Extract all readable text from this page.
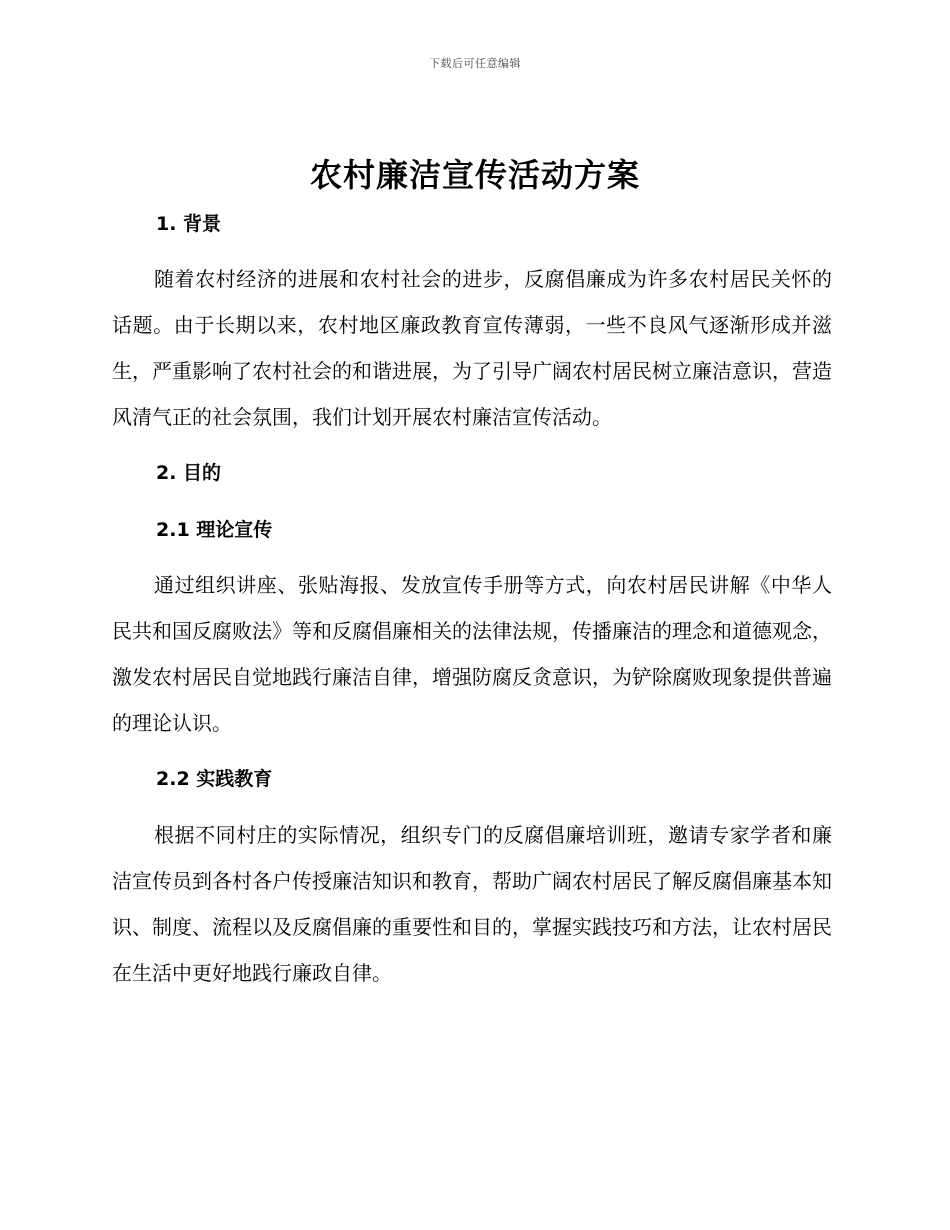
下载后可任意编辑
农村廉洁宣传活动方案
1. 背景

随着农村经济的进展和农村社会的进步，反腐倡廉成为许多农村居民关怀的话题。由于长期以来，农村地区廉政教育宣传薄弱，一些不良风气逐渐形成并滋生，严重影响了农村社会的和谐进展，为了引导广阔农村居民树立廉洁意识，营造风清气正的社会氛围，我们计划开展农村廉洁宣传活动。

2. 目的
2.1 理论宣传

通过组织讲座、张贴海报、发放宣传手册等方式，向农村居民讲解《中华人民共和国反腐败法》等和反腐倡廉相关的法律法规，传播廉洁的理念和道德观念，激发农村居民自觉地践行廉洁自律，增强防腐反贪意识，为铲除腐败现象提供普遍的理论认识。

2.2 实践教育

根据不同村庄的实际情况，组织专门的反腐倡廉培训班，邀请专家学者和廉洁宣传员到各村各户传授廉洁知识和教育，帮助广阔农村居民了解反腐倡廉基本知识、制度、流程以及反腐倡廉的重要性和目的，掌握实践技巧和方法，让农村居民在生活中更好地践行廉政自律。
